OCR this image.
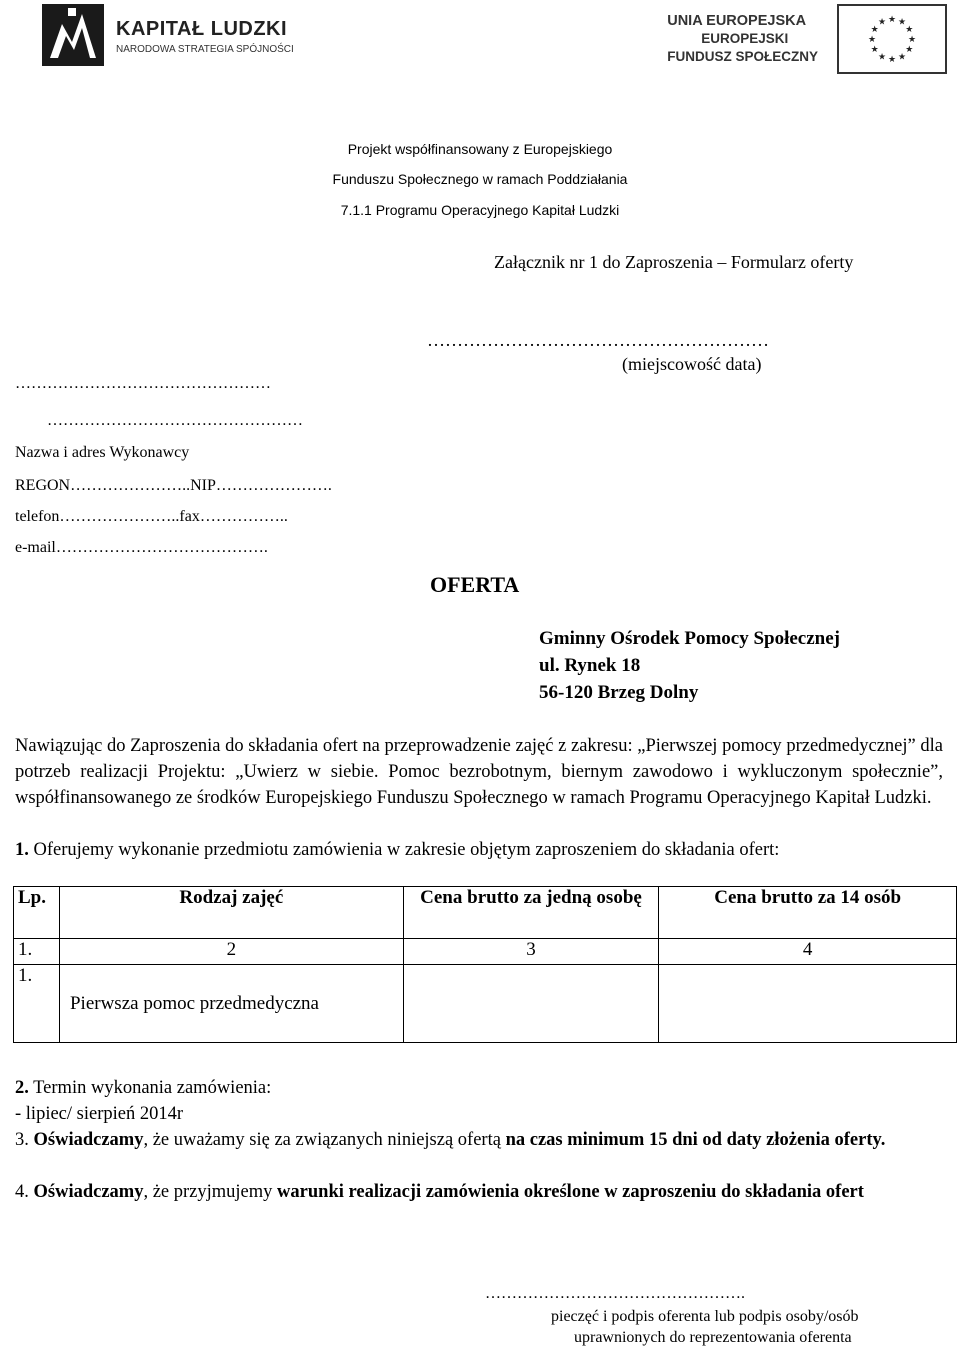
KAPITAŁ LUDZKI
NARODOWA STRATEGIA SPÓJNOŚCI
UNIA EUROPEJSKA
EUROPEJSKI
FUNDUSZ SPOŁECZNY
★
★
★
★
★
★
★
★
★ ★ ★
★
Projekt współfinansowany z Europejskiego
Funduszu Społecznego w ramach Poddziałania
7.1.1 Programu Operacyjnego Kapitał Ludzki
Załącznik nr 1 do Zaproszenia – Formularz oferty
…………………………………………………
(miejscowość data)
…………………………………………
…………………………………………
Nazwa i adres Wykonawcy
REGON…………………..NIP………………….
telefon…………………..fax……………..
e-mail………………………………….
OFERTA
Gminny Ośrodek Pomocy Społecznej
ul. Rynek 18
56-120 Brzeg Dolny
Nawiązując do Zaproszenia do składania ofert na przeprowadzenie zajęć z zakresu: „Pierwszej pomocy przedmedycznej” dla potrzeb realizacji Projektu: „Uwierz w siebie. Pomoc bezrobotnym, biernym zawodowo i wykluczonym społecznie”, współfinansowanego ze środków Europejskiego Funduszu Społecznego w ramach Programu Operacyjnego Kapitał Ludzki.
1. Oferujemy wykonanie przedmiotu zamówienia w zakresie objętym zaproszeniem do składania ofert:
Lp.	Rodzaj zajęć	Cena brutto za jedną osobę	Cena brutto za 14 osób
1.	2	3	4
1.	Pierwsza pomoc przedmedyczna		
2. Termin wykonania zamówienia:
- lipiec/ sierpień 2014r
3. Oświadczamy, że uważamy się za związanych niniejszą ofertą na czas minimum 15 dni od daty złożenia oferty.
4. Oświadczamy, że przyjmujemy warunki realizacji zamówienia określone w zaproszeniu do składania ofert
………………………………………….
pieczęć i podpis oferenta lub podpis osoby/osób
uprawnionych do reprezentowania oferenta
